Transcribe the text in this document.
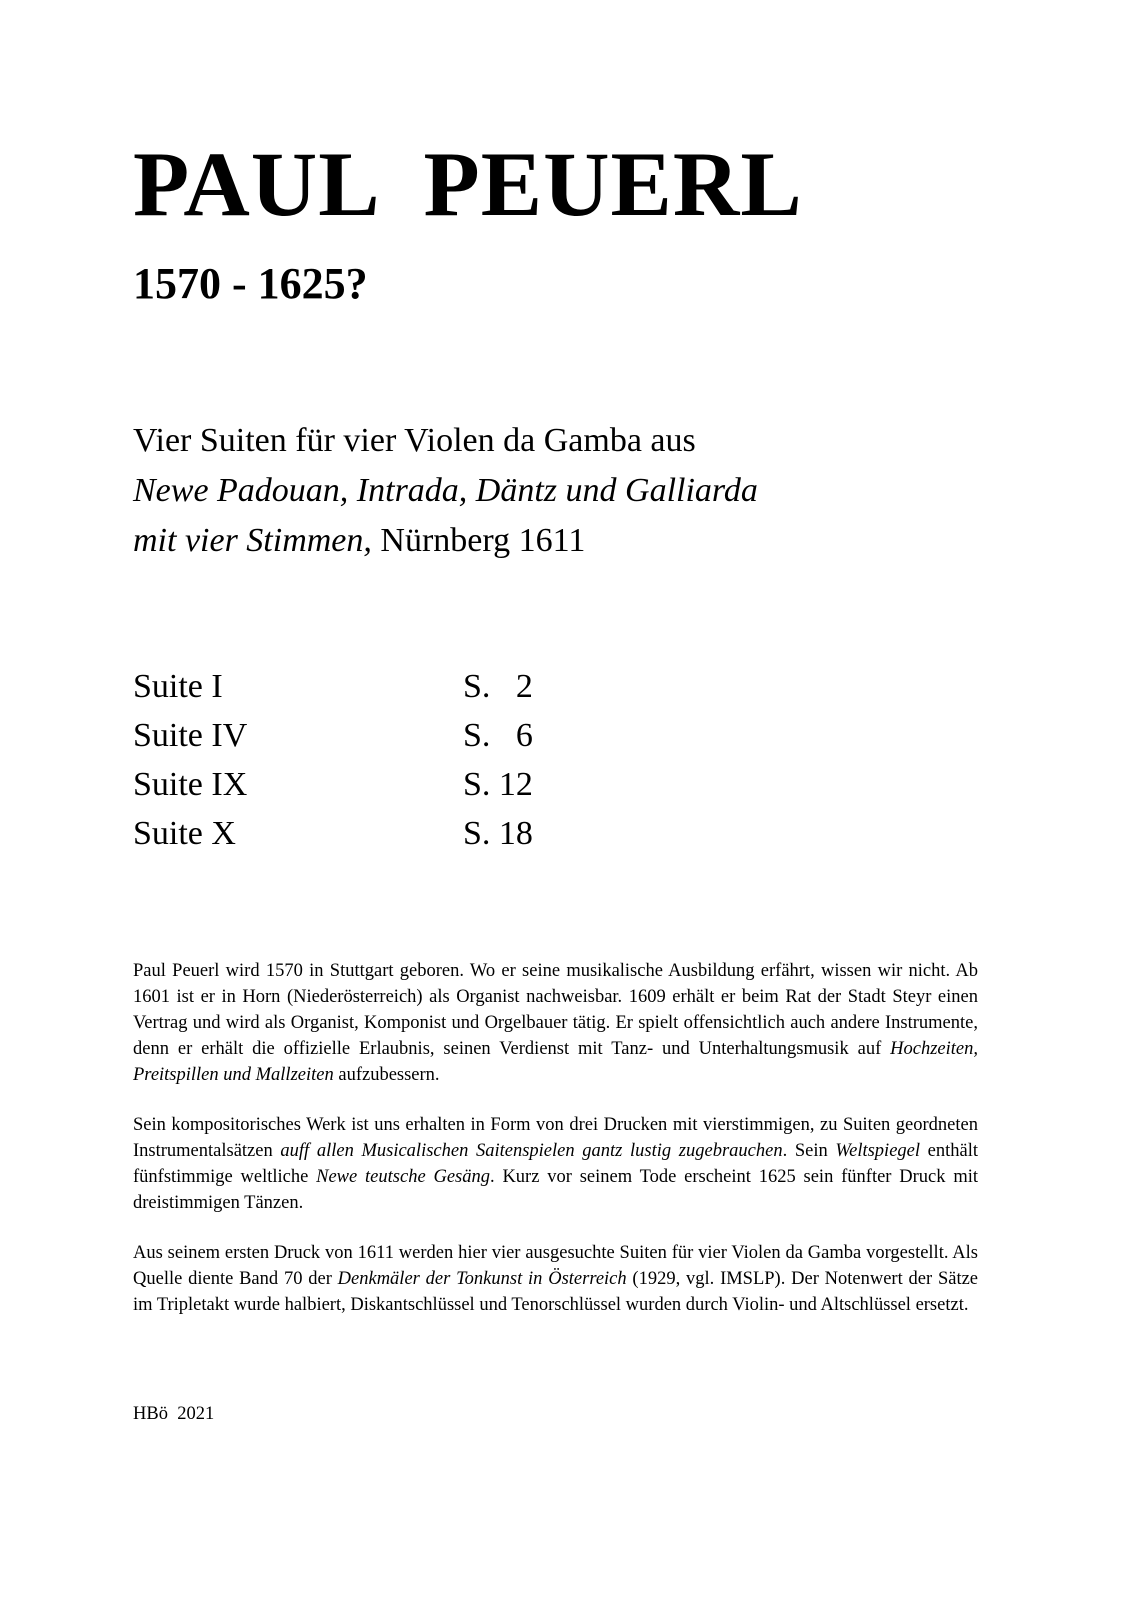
PAUL  PEUERL
1570 - 1625?
Vier Suiten für vier Violen da Gamba aus
Newe Padouan, Intrada, Däntz und Galliarda
mit vier Stimmen, Nürnberg 1611
Suite I	S.   2
Suite IV	S.   6
Suite IX	S. 12
Suite X	S. 18

Paul Peuerl wird 1570 in Stuttgart geboren. Wo er seine musikalische Ausbildung erfährt, wissen wir nicht. Ab 1601 ist er in Horn (Niederösterreich) als Organist nachweisbar. 1609 erhält er beim Rat der Stadt Steyr einen Vertrag und wird als Organist, Komponist und Orgelbauer tätig. Er spielt offensichtlich auch andere Instrumente, denn er erhält die offizielle Erlaubnis, seinen Verdienst mit Tanz- und Unterhaltungsmusik auf Hochzeiten, Preitspillen und Mallzeiten aufzubessern.

Sein kompositorisches Werk ist uns erhalten in Form von drei Drucken mit vierstimmigen, zu Suiten geordneten Instrumentalsätzen auff allen Musicalischen Saitenspielen gantz lustig zugebrauchen. Sein Weltspiegel enthält fünfstimmige weltliche Newe teutsche Gesäng. Kurz vor seinem Tode erscheint 1625 sein fünfter Druck mit dreistimmigen Tänzen.

Aus seinem ersten Druck von 1611 werden hier vier ausgesuchte Suiten für vier Violen da Gamba vorgestellt. Als Quelle diente Band 70 der Denkmäler der Tonkunst in Österreich (1929, vgl. IMSLP). Der Notenwert der Sätze im Tripletakt wurde halbiert, Diskantschlüssel und Tenorschlüssel wurden durch Violin- und Altschlüssel ersetzt.

HBö  2021
